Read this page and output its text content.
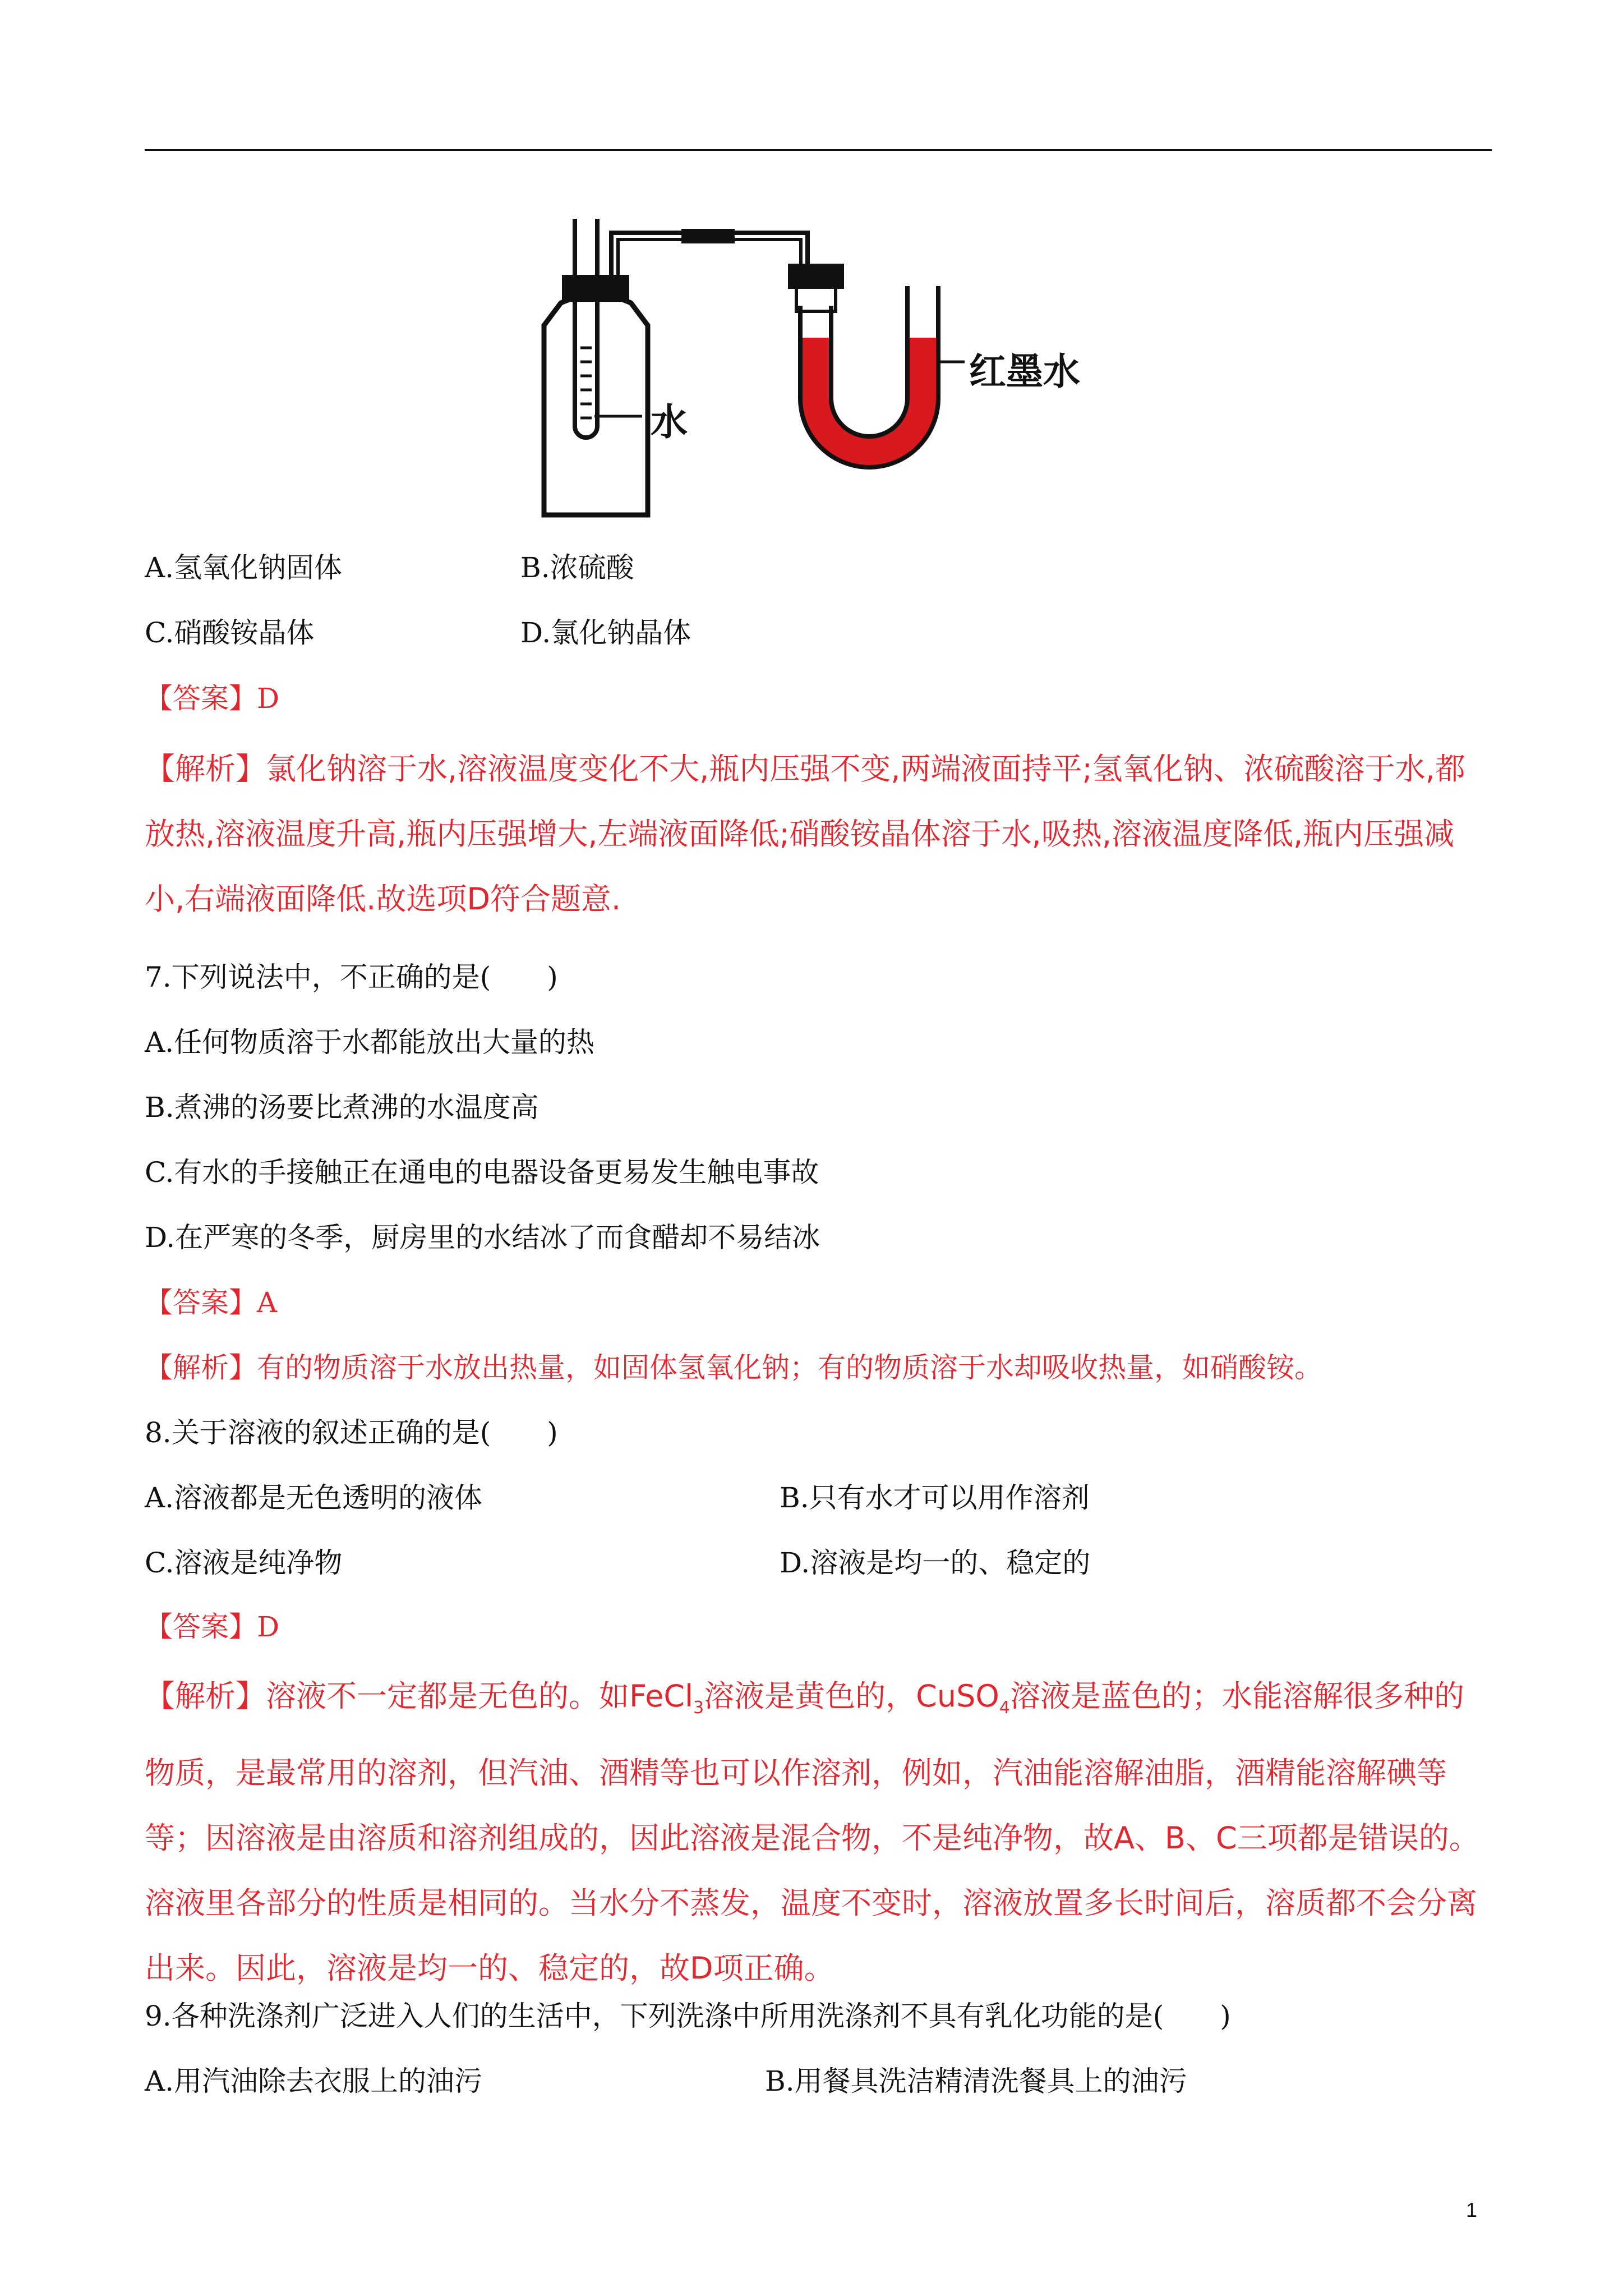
水
红墨水
A.氢氧化钠固体	B.浓硫酸
C.硝酸铵晶体	D.氯化钠晶体
【答案】D
【解析】氯化钠溶于水,溶液温度变化不大,瓶内压强不变,两端液面持平;氢氧化钠、浓硫酸溶于水,都放热,溶液温度升高,瓶内压强增大,左端液面降低;硝酸铵晶体溶于水,吸热,溶液温度降低,瓶内压强减小,右端液面降低.故选项D符合题意.
7.下列说法中，不正确的是(　　)
A.任何物质溶于水都能放出大量的热
B.煮沸的汤要比煮沸的水温度高
C.有水的手接触正在通电的电器设备更易发生触电事故
D.在严寒的冬季，厨房里的水结冰了而食醋却不易结冰
【答案】A
【解析】有的物质溶于水放出热量，如固体氢氧化钠；有的物质溶于水却吸收热量，如硝酸铵。
8.关于溶液的叙述正确的是(　　)
A.溶液都是无色透明的液体	B.只有水才可以用作溶剂
C.溶液是纯净物	D.溶液是均一的、稳定的
【答案】D
【解析】溶液不一定都是无色的。如FeCl$_3$溶液是黄色的，CuSO$_4$溶液是蓝色的；水能溶解很多种的物质，是最常用的溶剂，但汽油、酒精等也可以作溶剂，例如，汽油能溶解油脂，酒精能溶解碘等等；因溶液是由溶质和溶剂组成的，因此溶液是混合物，不是纯净物，故A、B、C三项都是错误的。溶液里各部分的性质是相同的。当水分不蒸发，温度不变时，溶液放置多长时间后，溶质都不会分离出来。因此，溶液是均一的、稳定的，故D项正确。
9.各种洗涤剂广泛进入人们的生活中，下列洗涤中所用洗涤剂不具有乳化功能的是(　　)
A.用汽油除去衣服上的油污	B.用餐具洗洁精清洗餐具上的油污
1
